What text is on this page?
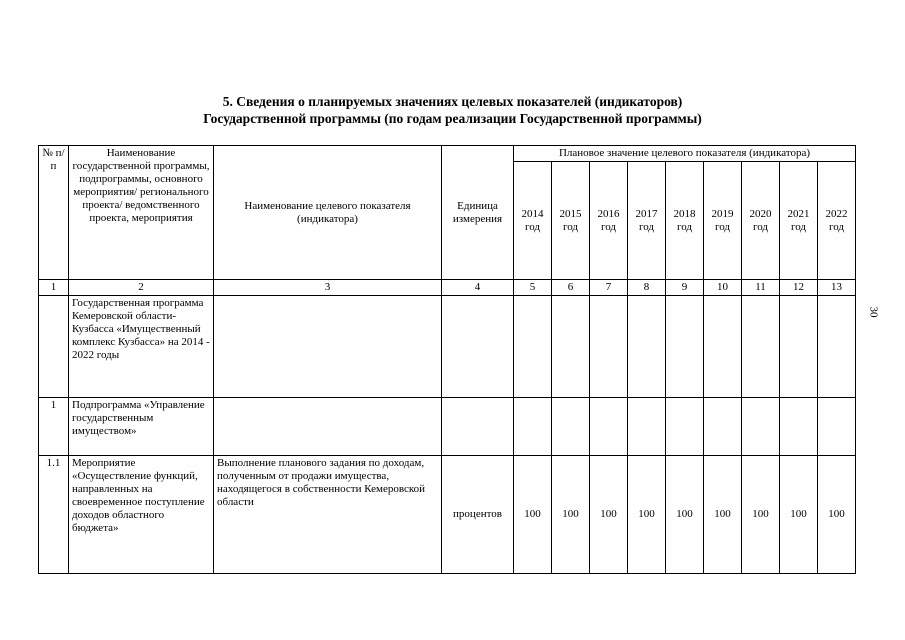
5. Сведения о планируемых значениях целевых показателей (индикаторов)
Государственной программы (по годам реализации Государственной программы)
30
№ п/п	Наименование государственной программы, подпрограммы, основного мероприятия/ регионального проекта/ ведомственного проекта, мероприятия	Наименование целевого показателя (индикатора)	Единица измерения	Плановое значение целевого показателя (индикатора)								
				2014 год	2015 год	2016 год	2017 год	2018 год	2019 год	2020 год	2021 год	2022 год
1	2	3	4	5	6	7	8	9	10	11	12	13
	Государственная программа Кемеровской области-Кузбасса «Имущественный комплекс Кузбасса» на 2014 - 2022 годы											
1	Подпрограмма «Управление государственным имуществом»											
1.1	Мероприятие «Осуществление функций, направленных на своевременное поступление доходов областного бюджета»	Выполнение планового задания по доходам, полученным от продажи имущества, находящегося в собственности Кемеровской области	процентов	100	100	100	100	100	100	100	100	100
